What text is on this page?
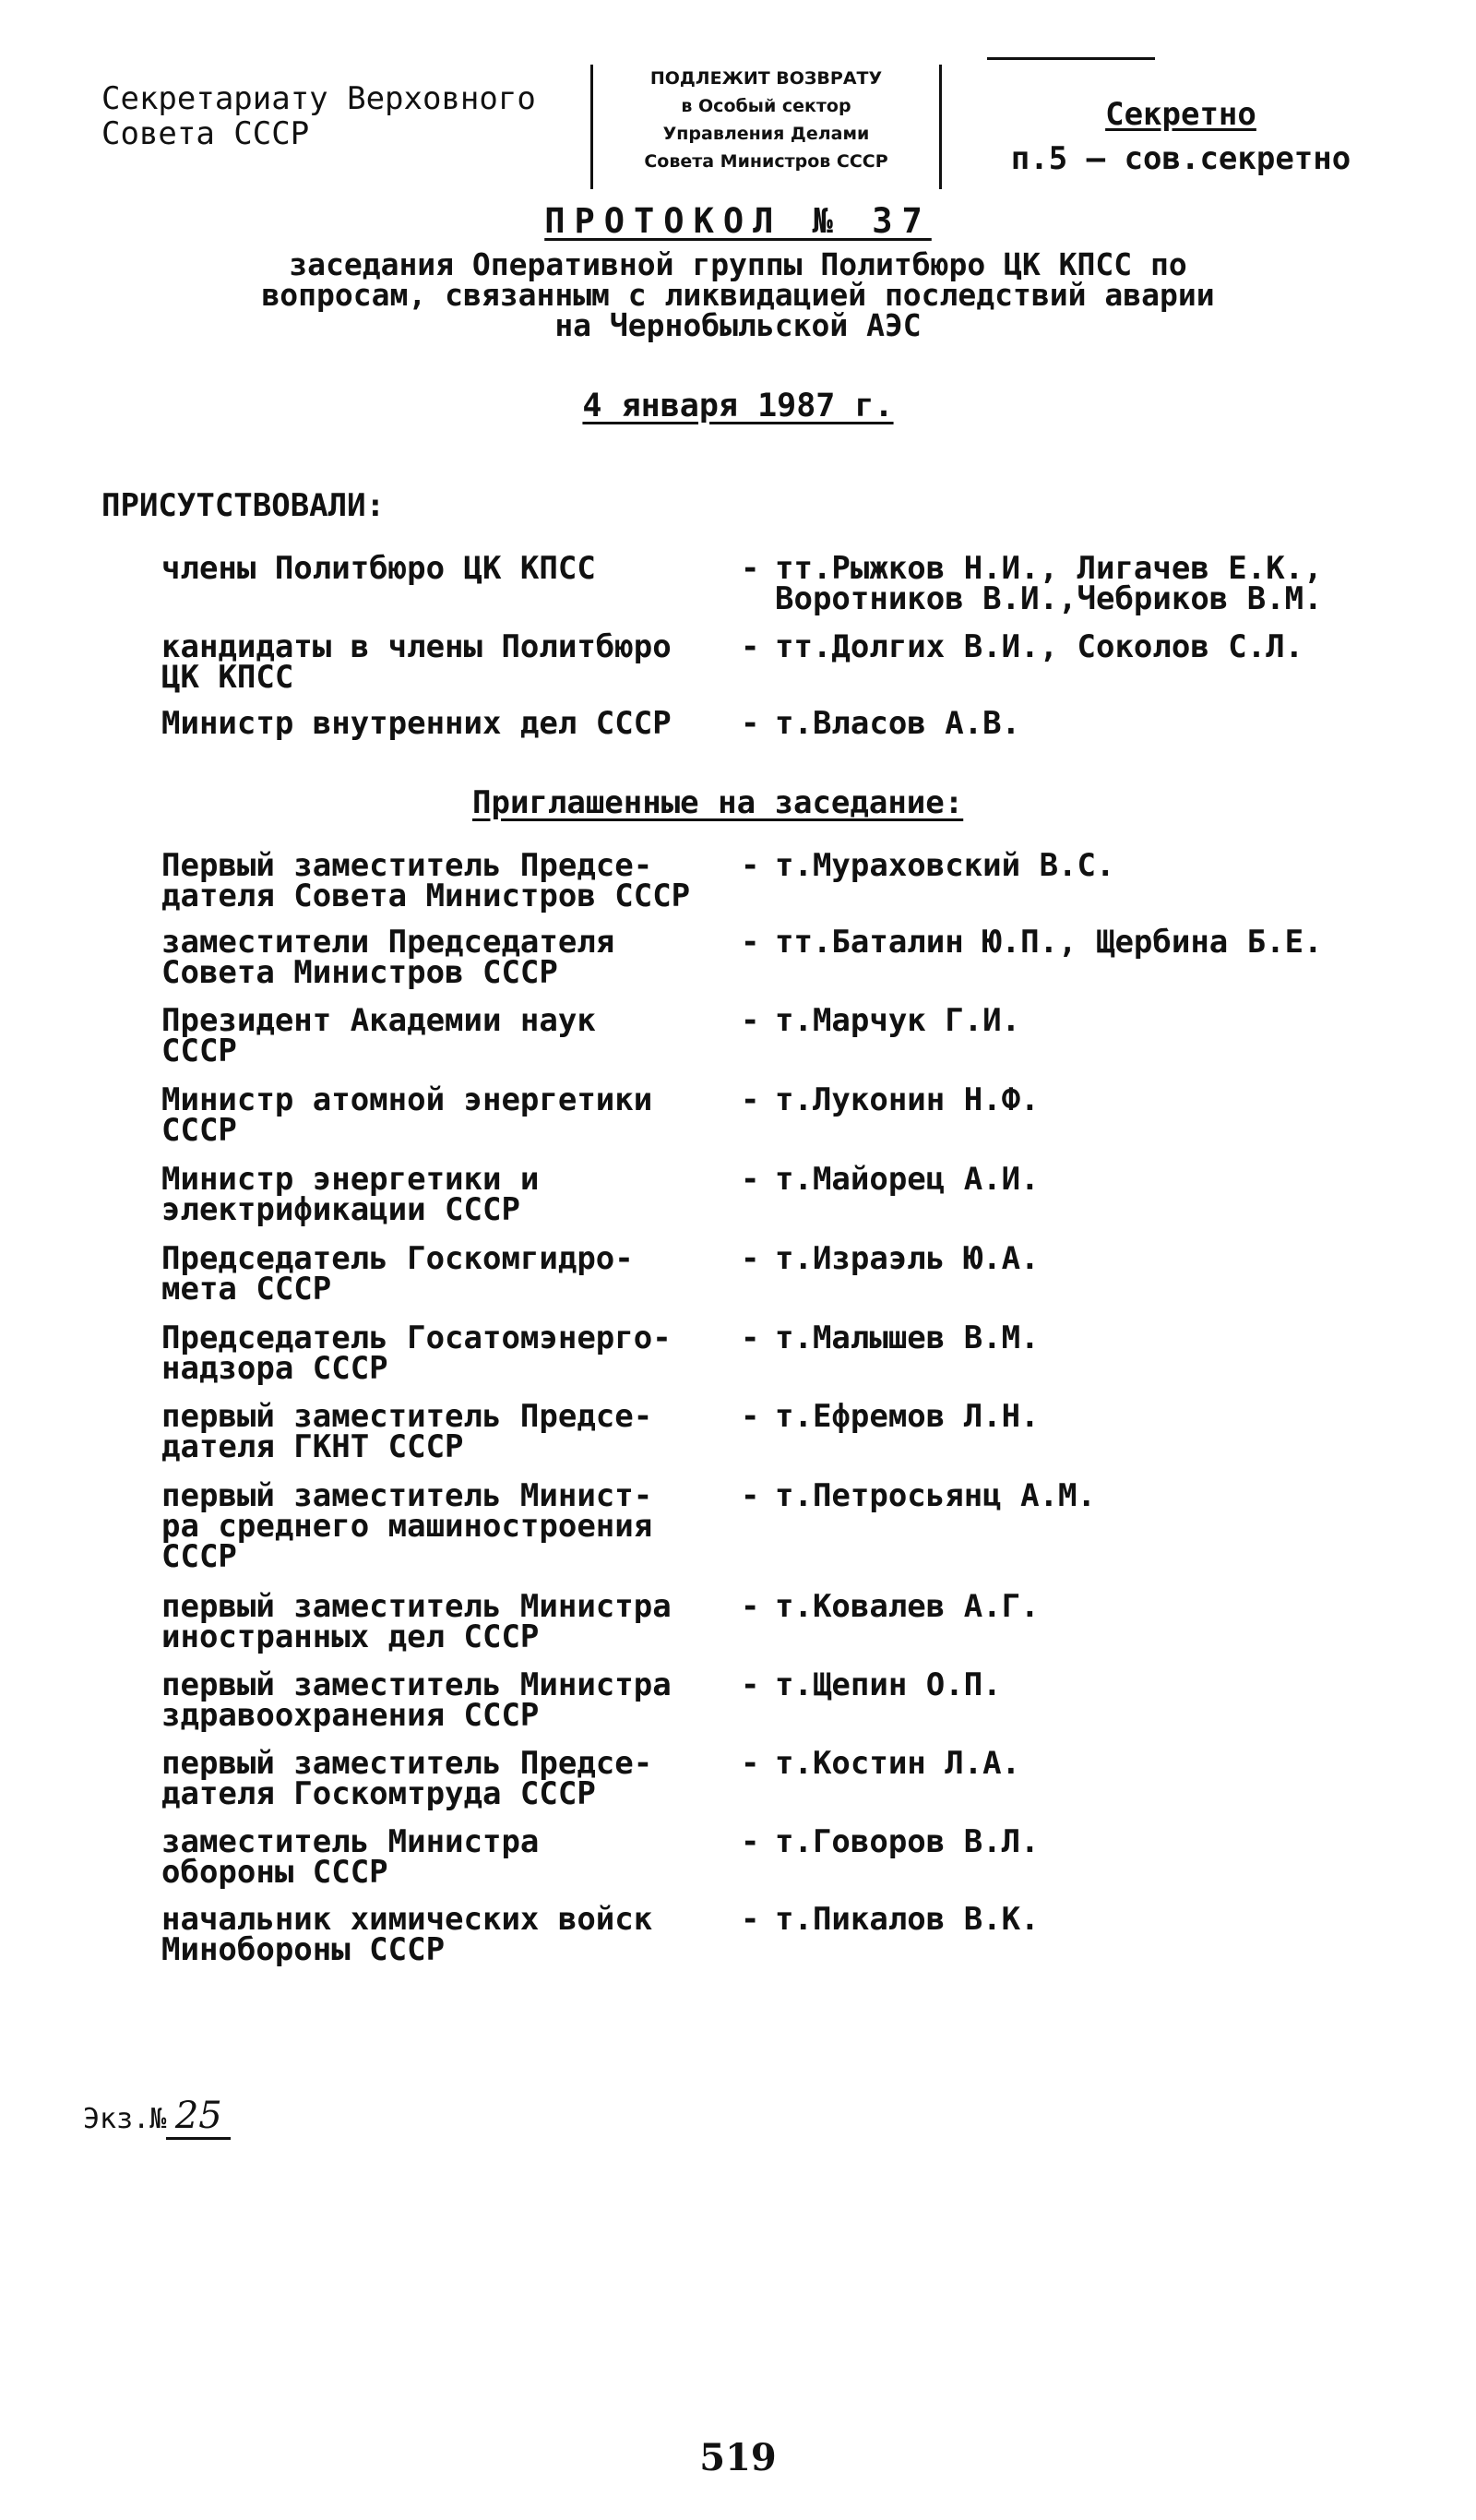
Секретариату Верховного
Совета СССР
ПОДЛЕЖИТ ВОЗВРАТУ
в Особый сектор
Управления Делами
Совета Министров СССР
Секретно
п.5 – сов.секретно
ПРОТОКОЛ № 37
заседания Оперативной группы Политбюро ЦК КПСС по вопросам, связанным с ликвидацией последствий аварии на Чернобыльской АЭС
4 января 1987 г.
ПРИСУТСТВОВАЛИ:
члены Политбюро ЦК КПСС	- тт.Рыжков Н.И., Лигачев Е.К.,
Воротников В.И.,Чебриков В.М.
кандидаты в члены Политбюро
ЦК КПСС
- тт.Долгих В.И., Соколов С.Л.
Министр внутренних дел СССР	- т.Власов А.В.
Приглашенные на заседание:
Первый заместитель Предсе-
дателя Совета Министров СССР
- т.Мураховский В.С.
заместители Председателя
Совета Министров СССР
- тт.Баталин Ю.П., Щербина Б.Е.
Президент Академии наук
СССР
- т.Марчук Г.И.
Министр атомной энергетики
СССР
- т.Луконин Н.Ф.
Министр энергетики и
электрификации СССР
- т.Майорец А.И.
Председатель Госкомгидро-
мета СССР
- т.Израэль Ю.А.
Председатель Госатомэнерго-
надзора СССР
- т.Малышев В.М.
первый заместитель Предсе-
дателя ГКНТ СССР
- т.Ефремов Л.Н.
первый заместитель Минист-
ра среднего машиностроения
СССР
- т.Петросьянц А.М.
первый заместитель Министра
иностранных дел СССР
- т.Ковалев А.Г.
первый заместитель Министра
здравоохранения СССР
- т.Щепин О.П.
первый заместитель Предсе-
дателя Госкомтруда СССР
- т.Костин Л.А.
заместитель Министра
обороны СССР
- т.Говоров В.Л.
начальник химических войск
Минобороны СССР
- т.Пикалов В.К.
Экз.№ 25
519
